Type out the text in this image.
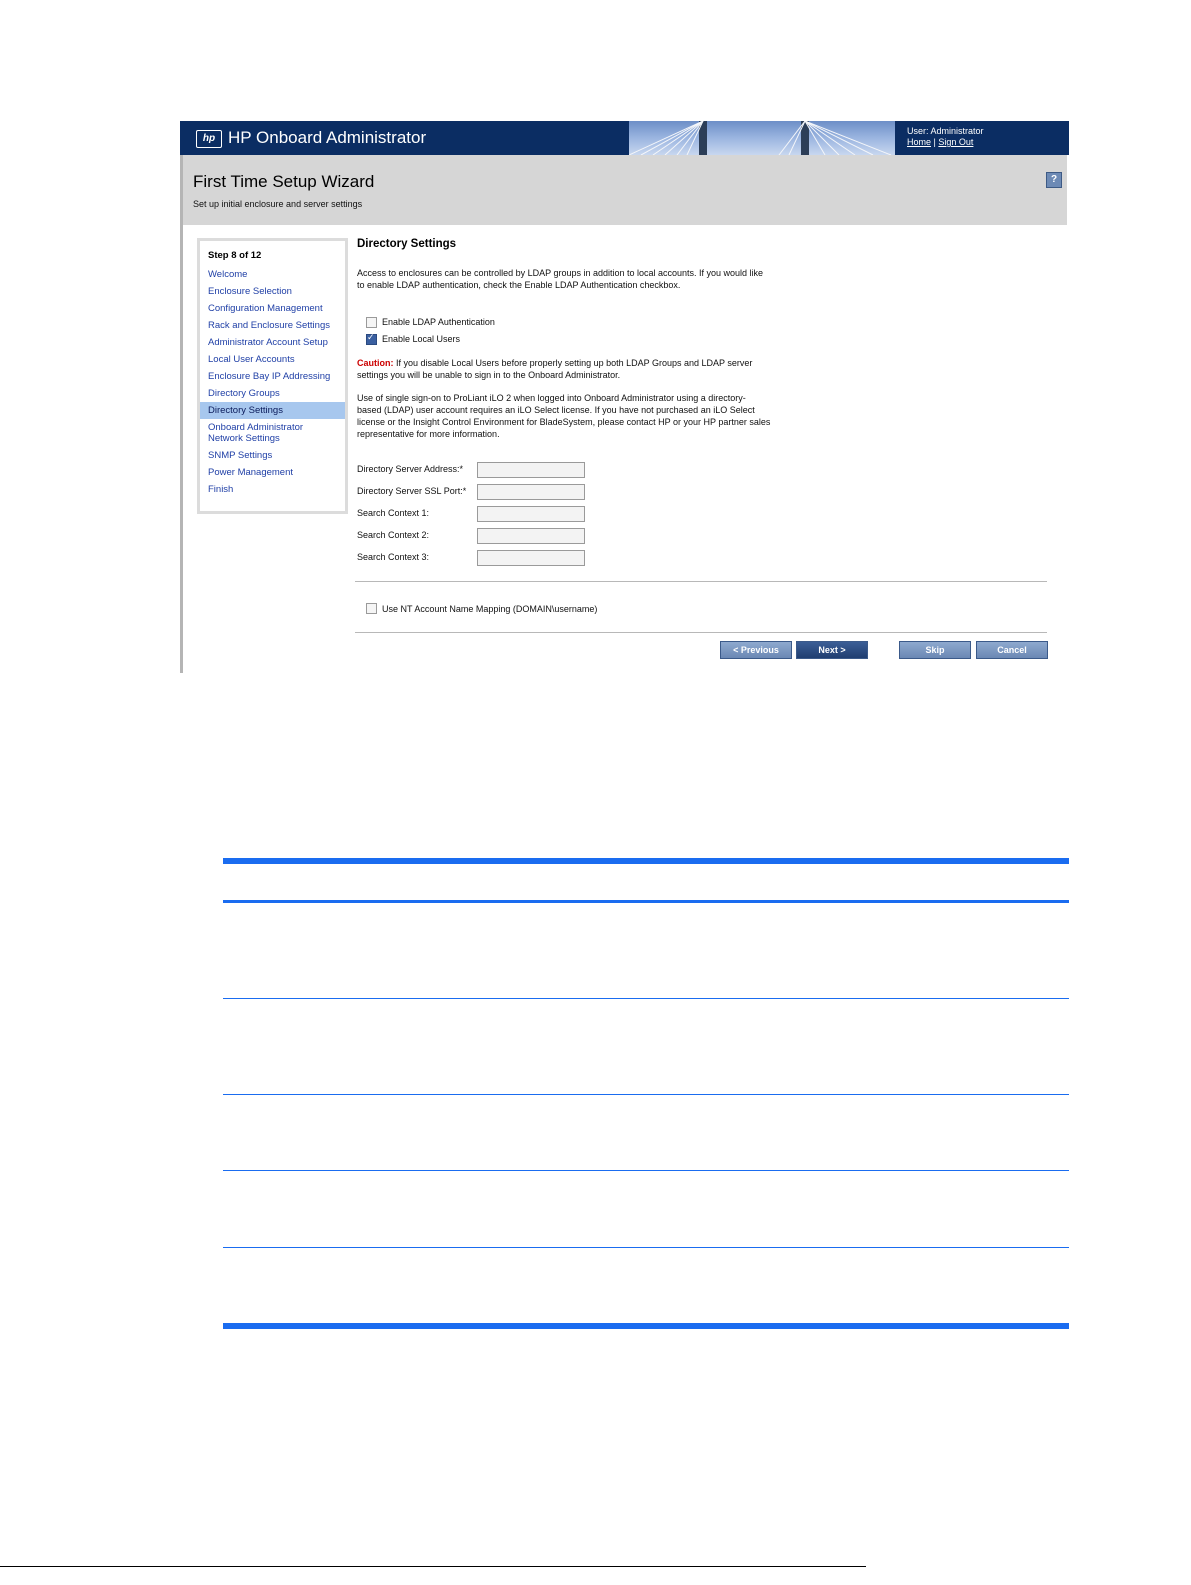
hp HP Onboard Administrator	User: Administrator
Home | Sign Out
First Time Setup Wizard
Set up initial enclosure and server settings
?
Step 8 of 12
Welcome
Enclosure Selection
Configuration Management
Rack and Enclosure Settings
Administrator Account Setup
Local User Accounts
Enclosure Bay IP Addressing
Directory Groups
Directory Settings
Onboard Administrator Network Settings
SNMP Settings
Power Management
Finish
Directory Settings
Access to enclosures can be controlled by LDAP groups in addition to local accounts. If you would like
to enable LDAP authentication, check the Enable LDAP Authentication checkbox.
Enable LDAP Authentication
✓
Enable Local Users
Caution: If you disable Local Users before properly setting up both LDAP Groups and LDAP server
settings you will be unable to sign in to the Onboard Administrator.
Use of single sign-on to ProLiant iLO 2 when logged into Onboard Administrator using a directory-
based (LDAP) user account requires an iLO Select license. If you have not purchased an iLO Select
license or the Insight Control Environment for BladeSystem, please contact HP or your HP partner sales
representative for more information.
Directory Server Address:*
Directory Server SSL Port:*
Search Context 1:
Search Context 2:
Search Context 3:
Use NT Account Name Mapping (DOMAIN\username)
< Previous	Next >	Skip	Cancel
